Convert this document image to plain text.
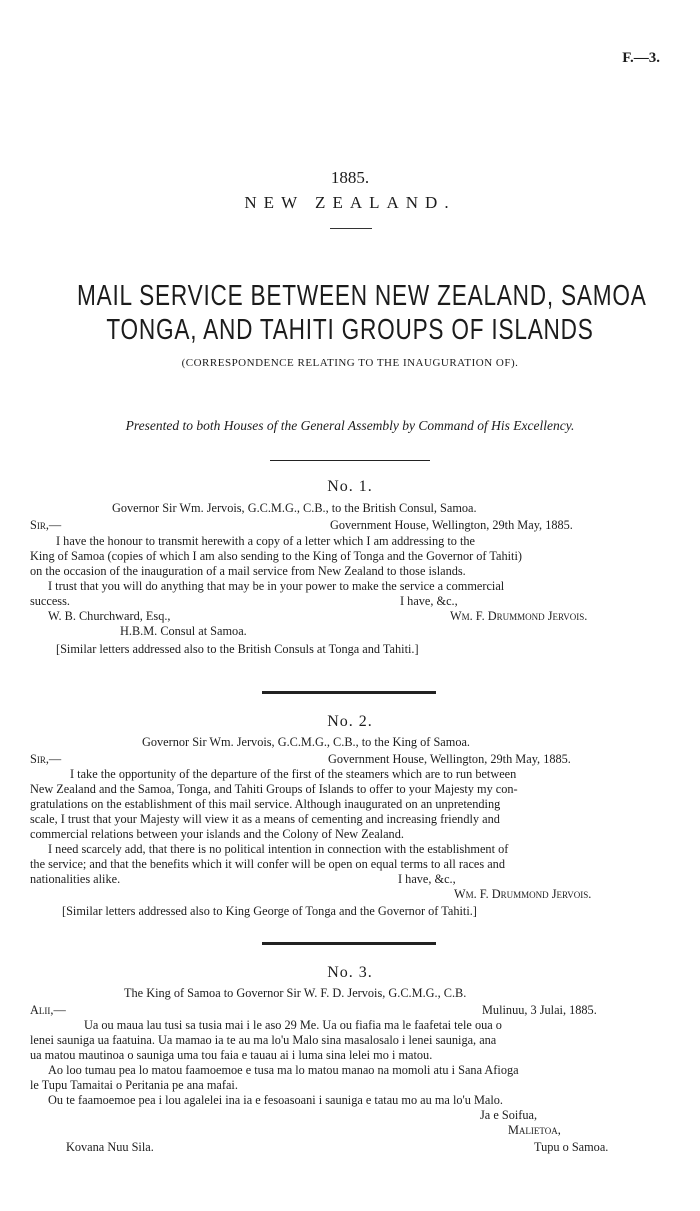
F.—3.
1885.
NEW ZEALAND.
MAIL SERVICE BETWEEN NEW ZEALAND, SAMOA
TONGA, AND TAHITI GROUPS OF ISLANDS
(CORRESPONDENCE RELATING TO THE INAUGURATION OF).
Presented to both Houses of the General Assembly by Command of His Excellency.
No. 1.
Governor Sir Wm. Jervois, G.C.M.G., C.B., to the British Consul, Samoa.
Sir,—	Government House, Wellington, 29th May, 1885.
I have the honour to transmit herewith a copy of a letter which I am addressing to the
King of Samoa (copies of which I am also sending to the King of Tonga and the Governor of Tahiti)
on the occasion of the inauguration of a mail service from New Zealand to those islands.
I trust that you will do anything that may be in your power to make the service a commercial
success.	I have, &c.,
W. B. Churchward, Esq.,	Wm. F. Drummond Jervois.
H.B.M. Consul at Samoa.
[Similar letters addressed also to the British Consuls at Tonga and Tahiti.]
No. 2.
Governor Sir Wm. Jervois, G.C.M.G., C.B., to the King of Samoa.
Sir,—	Government House, Wellington, 29th May, 1885.
I take the opportunity of the departure of the first of the steamers which are to run between
New Zealand and the Samoa, Tonga, and Tahiti Groups of Islands to offer to your Majesty my con-
gratulations on the establishment of this mail service. Although inaugurated on an unpretending
scale, I trust that your Majesty will view it as a means of cementing and increasing friendly and
commercial relations between your islands and the Colony of New Zealand.
I need scarcely add, that there is no political intention in connection with the establishment of
the service; and that the benefits which it will confer will be open on equal terms to all races and
nationalities alike.	I have, &c.,
Wm. F. Drummond Jervois.
[Similar letters addressed also to King George of Tonga and the Governor of Tahiti.]
No. 3.
The King of Samoa to Governor Sir W. F. D. Jervois, G.C.M.G., C.B.
Alii,—	Mulinuu, 3 Julai, 1885.
Ua ou maua lau tusi sa tusia mai i le aso 29 Me. Ua ou fiafia ma le faafetai tele oua o
lenei sauniga ua faatuina. Ua mamao ia te au ma lo'u Malo sina masalosalo i lenei sauniga, ana
ua matou mautinoa o sauniga uma tou faia e tauau ai i luma sina lelei mo i matou.
Ao loo tumau pea lo matou faamoemoe e tusa ma lo matou manao na momoli atu i Sana Afioga
le Tupu Tamaitai o Peritania pe ana mafai.
Ou te faamoemoe pea i lou agalelei ina ia e fesoasoani i sauniga e tatau mo au ma lo'u Malo.
Ja e Soifua,
Malietoa,
Kovana Nuu Sila.	Tupu o Samoa.
